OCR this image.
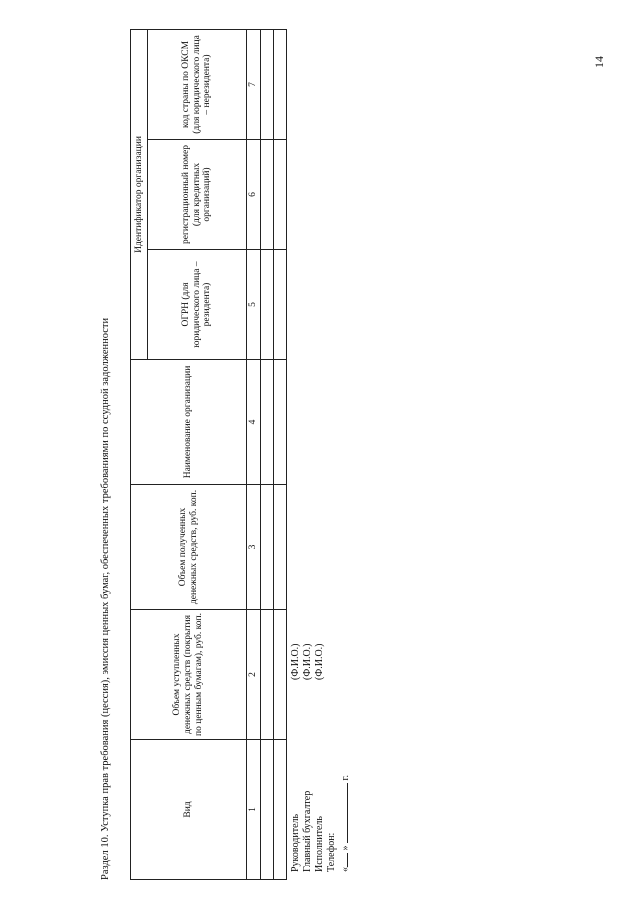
14
Раздел 10. Уступка прав требования (цессия), эмиссия ценных бумаг, обеспеченных требованиями по ссудной задолженности	Вид	Объем уступленных денежных средств (покрытия по ценным бумагам), руб. коп.	Объем полученных денежных средств, руб. коп.	Наименование организации	Идентификатор организации		
				ОГРН (для юридического лица – резидента)	регистрационный номер (для кредитных организаций)	код страны по ОКСМ (для юридического лица – нерезидента)
1	2	3	4	5	6	7

Руководитель
(Ф.И.О.)
Главный бухгалтер
(Ф.И.О.)
Исполнитель
(Ф.И.О.)
Телефон: « »  г.
